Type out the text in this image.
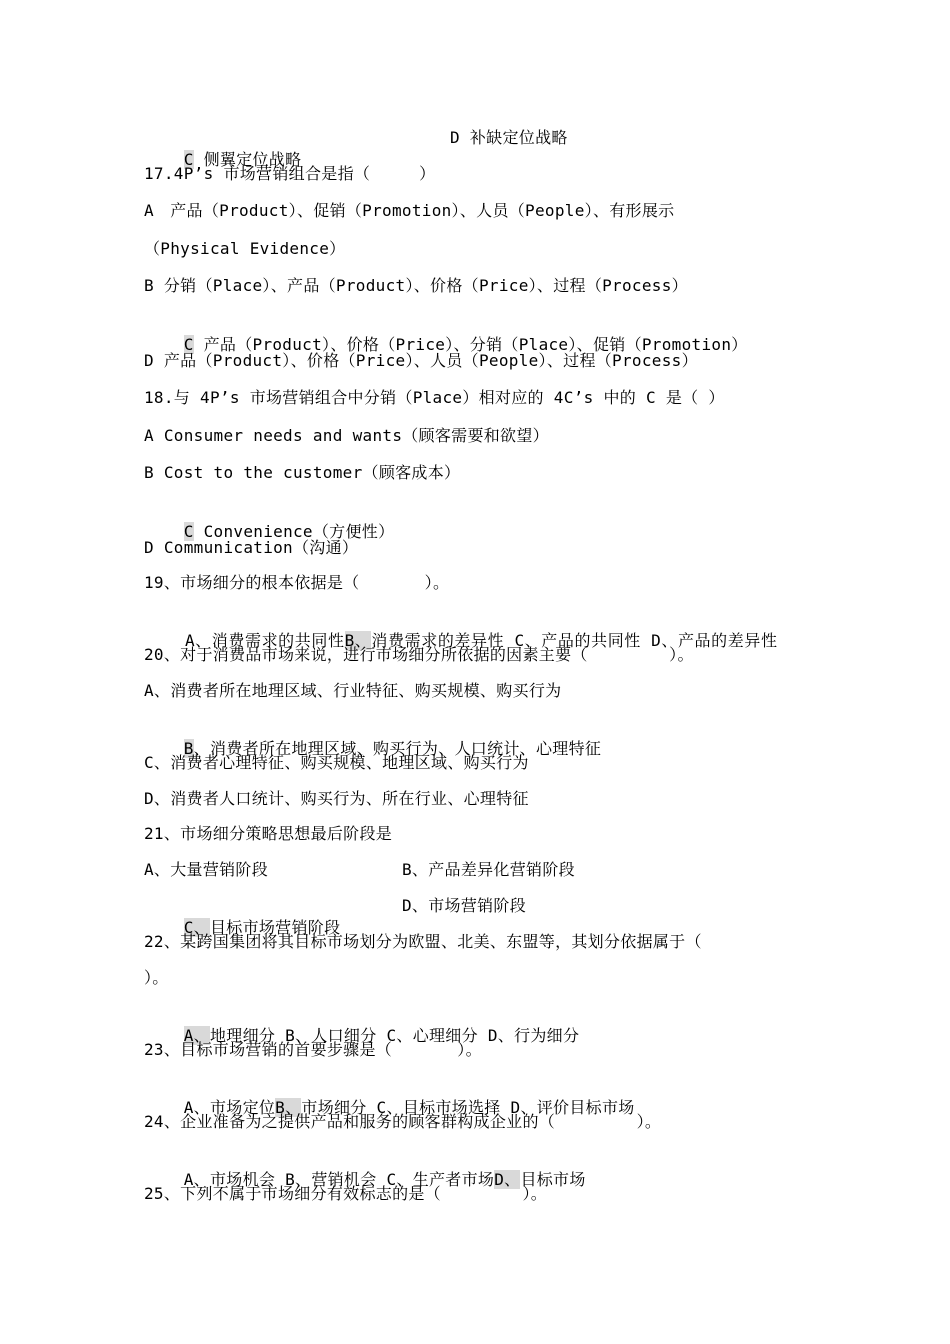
C 侧翼定位战略

D 补缺定位战略
17.4P’s 市场营销组合是指（　　　）
A　产品（Product）、促销（Promotion）、人员（People）、有形展示
（Physical Evidence）
B 分销（Place）、产品（Product）、价格（Price）、过程（Process）

C 产品（Product）、价格（Price）、分销（Place）、促销（Promotion）

D 产品（Product）、价格（Price）、人员（People）、过程（Process）
18.与 4P’s 市场营销组合中分销（Place）相对应的 4C’s 中的 C 是（ ）
A Consumer needs and wants（顾客需要和欲望）
B Cost to the customer（顾客成本）

C Convenience（方便性）

D Communication（沟通）
19、市场细分的根本依据是（　　　　）。

A、消费需求的共同性B、消费需求的差异性 C、产品的共同性 D、产品的差异性

20、对于消费品市场来说，进行市场细分所依据的因素主要（　　　　　）。
A、消费者所在地理区域、行业特征、购买规模、购买行为

B、消费者所在地理区域、购买行为、人口统计、心理特征

C、消费者心理特征、购买规模、地理区域、购买行为
D、消费者人口统计、购买行为、所在行业、心理特征
21、市场细分策略思想最后阶段是
A、大量营销阶段	B、产品差异化营销阶段

C、目标市场营销阶段

D、市场营销阶段
22、某跨国集团将其目标市场划分为欧盟、北美、东盟等，其划分依据属于（
）。

A、地理细分 B、人口细分 C、心理细分 D、行为细分

23、目标市场营销的首要步骤是（　　　　）。

A、市场定位B、市场细分 C、目标市场选择 D、评价目标市场

24、企业准备为之提供产品和服务的顾客群构成企业的（　　　　　）。

A、市场机会 B、营销机会 C、生产者市场D、目标市场

25、下列不属于市场细分有效标志的是（　　　　　）。
